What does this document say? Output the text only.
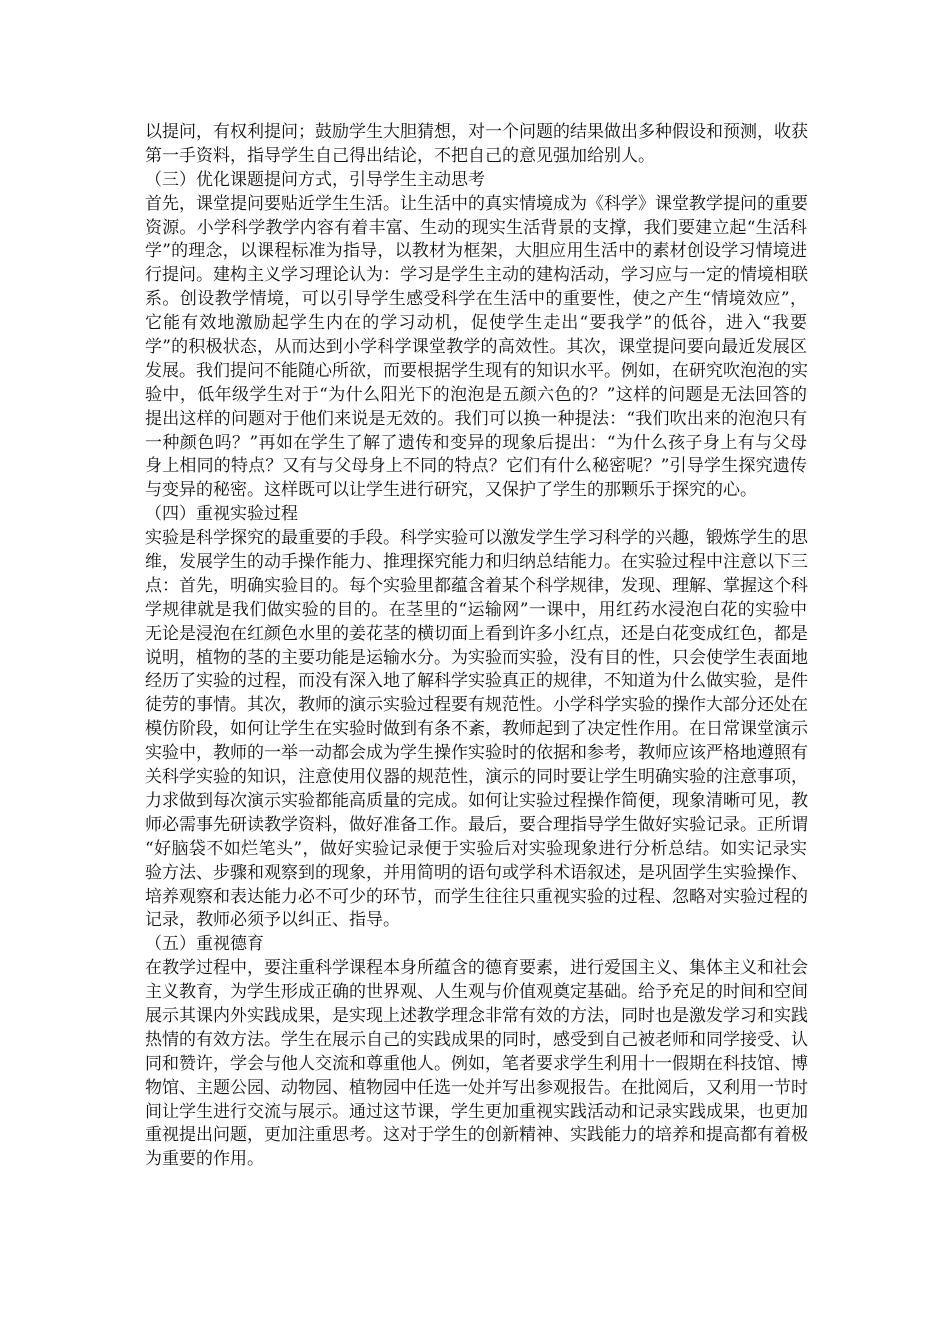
以提问，有权利提问；鼓励学生大胆猜想，对一个问题的结果做出多种假设和预测，收获
第一手资料，指导学生自己得出结论，不把自己的意见强加给别人。
（三）优化课题提问方式，引导学生主动思考
首先，课堂提问要贴近学生生活。让生活中的真实情境成为《科学》课堂教学提问的重要
资源。小学科学教学内容有着丰富、生动的现实生活背景的支撑，我们要建立起“生活科
学”的理念，以课程标准为指导，以教材为框架，大胆应用生活中的素材创设学习情境进
行提问。建构主义学习理论认为：学习是学生主动的建构活动，学习应与一定的情境相联
系。创设教学情境，可以引导学生感受科学在生活中的重要性，使之产生“情境效应”，
它能有效地激励起学生内在的学习动机，促使学生走出“要我学”的低谷，进入“我要
学”的积极状态，从而达到小学科学课堂教学的高效性。其次，课堂提问要向最近发展区
发展。我们提问不能随心所欲，而要根据学生现有的知识水平。例如，在研究吹泡泡的实
验中，低年级学生对于“为什么阳光下的泡泡是五颜六色的？”这样的问题是无法回答的
提出这样的问题对于他们来说是无效的。我们可以换一种提法：“我们吹出来的泡泡只有
一种颜色吗？”再如在学生了解了遗传和变异的现象后提出：“为什么孩子身上有与父母
身上相同的特点？又有与父母身上不同的特点？它们有什么秘密呢？”引导学生探究遗传
与变异的秘密。这样既可以让学生进行研究，又保护了学生的那颗乐于探究的心。
（四）重视实验过程
实验是科学探究的最重要的手段。科学实验可以激发学生学习科学的兴趣，锻炼学生的思
维，发展学生的动手操作能力、推理探究能力和归纳总结能力。在实验过程中注意以下三
点：首先，明确实验目的。每个实验里都蕴含着某个科学规律，发现、理解、掌握这个科
学规律就是我们做实验的目的。在茎里的“运输网”一课中，用红药水浸泡白花的实验中
无论是浸泡在红颜色水里的姜花茎的横切面上看到许多小红点，还是白花变成红色，都是
说明，植物的茎的主要功能是运输水分。为实验而实验，没有目的性，只会使学生表面地
经历了实验的过程，而没有深入地了解科学实验真正的规律，不知道为什么做实验，是件
徒劳的事情。其次，教师的演示实验过程要有规范性。小学科学实验的操作大部分还处在
模仿阶段，如何让学生在实验时做到有条不紊，教师起到了决定性作用。在日常课堂演示
实验中，教师的一举一动都会成为学生操作实验时的依据和参考，教师应该严格地遵照有
关科学实验的知识，注意使用仪器的规范性，演示的同时要让学生明确实验的注意事项，
力求做到每次演示实验都能高质量的完成。如何让实验过程操作简便，现象清晰可见，教
师必需事先研读教学资料，做好准备工作。最后，要合理指导学生做好实验记录。正所谓
“好脑袋不如烂笔头”，做好实验记录便于实验后对实验现象进行分析总结。如实记录实
验方法、步骤和观察到的现象，并用简明的语句或学科术语叙述，是巩固学生实验操作、
培养观察和表达能力必不可少的环节，而学生往往只重视实验的过程、忽略对实验过程的
记录，教师必须予以纠正、指导。
（五）重视德育
在教学过程中，要注重科学课程本身所蕴含的德育要素，进行爱国主义、集体主义和社会
主义教育，为学生形成正确的世界观、人生观与价值观奠定基础。给予充足的时间和空间
展示其课内外实践成果，是实现上述教学理念非常有效的方法，同时也是激发学习和实践
热情的有效方法。学生在展示自己的实践成果的同时，感受到自己被老师和同学接受、认
同和赞许，学会与他人交流和尊重他人。例如，笔者要求学生利用十一假期在科技馆、博
物馆、主题公园、动物园、植物园中任选一处并写出参观报告。在批阅后，又利用一节时
间让学生进行交流与展示。通过这节课，学生更加重视实践活动和记录实践成果，也更加
重视提出问题，更加注重思考。这对于学生的创新精神、实践能力的培养和提高都有着极
为重要的作用。
